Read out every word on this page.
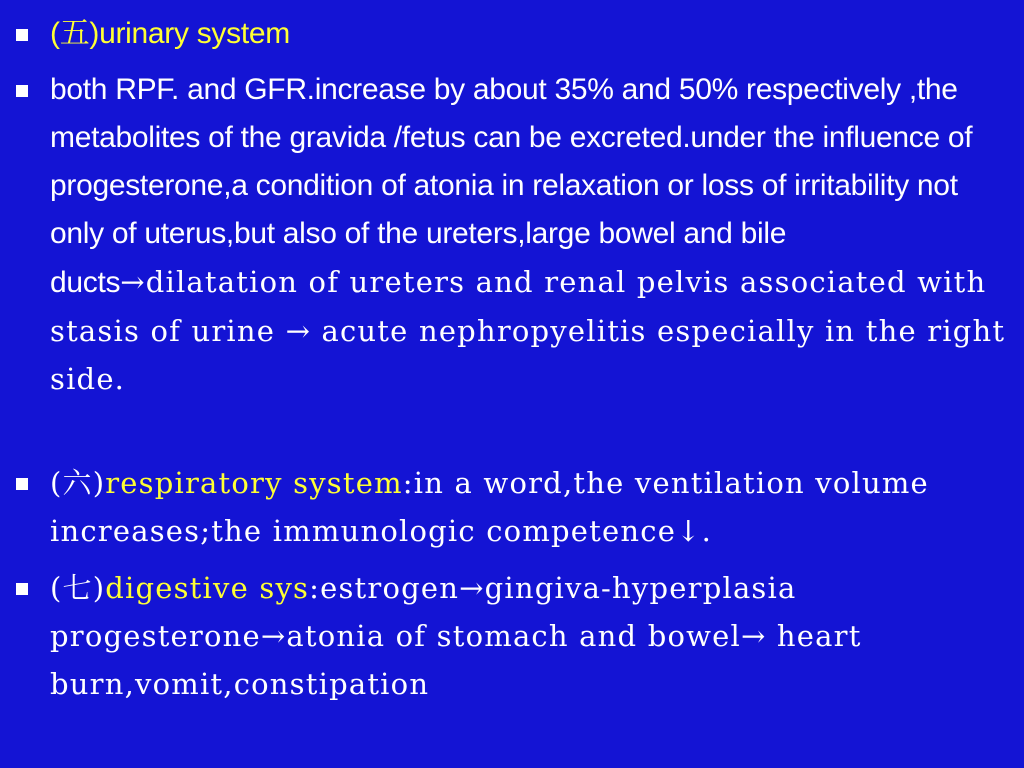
(五)urinary system
both RPF. and GFR.increase by about 35% and 50% respectively ,the metabolites of the gravida /fetus can be excreted.under the influence of progesterone,a condition of atonia in relaxation or loss of irritability not only of uterus,but also of the ureters,large bowel and bile ducts→dilatation of ureters and renal pelvis associated with stasis of urine → acute nephropyelitis especially in the right side.
(六)respiratory system:in a word,the ventilation volume increases;the immunologic competence↓.
(七)digestive sys:estrogen→gingiva-hyperplasia progesterone→atonia of stomach and bowel→ heart burn,vomit,constipation
